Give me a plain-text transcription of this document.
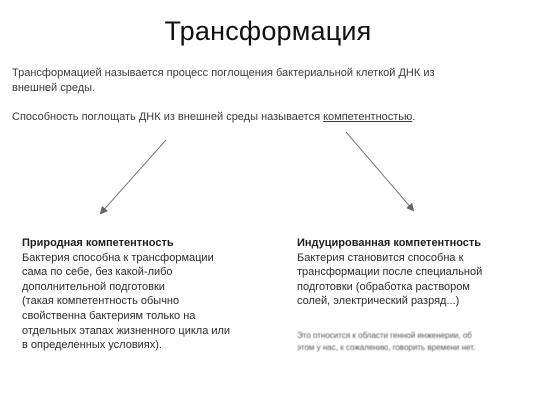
Трансформация
Трансформацией называется процесс поглощения бактериальной клеткой ДНК из
внешней среды.
Способность поглощать ДНК из внешней среды называется компетентностью.
Природная компетентность
Бактерия способна к трансформации
сама по себе, без какой-либо
дополнительной подготовки
(такая компетентность обычно
свойственна бактериям только на
отдельных этапах жизненного цикла или
в определенных условиях).
Индуцированная компетентность
Бактерия становится способна к
трансформации после специальной
подготовки (обработка раствором
солей, электрический разряд...)
Это относится к области генной инженерии, об
этом у нас, к сожалению, говорить времени нет.
